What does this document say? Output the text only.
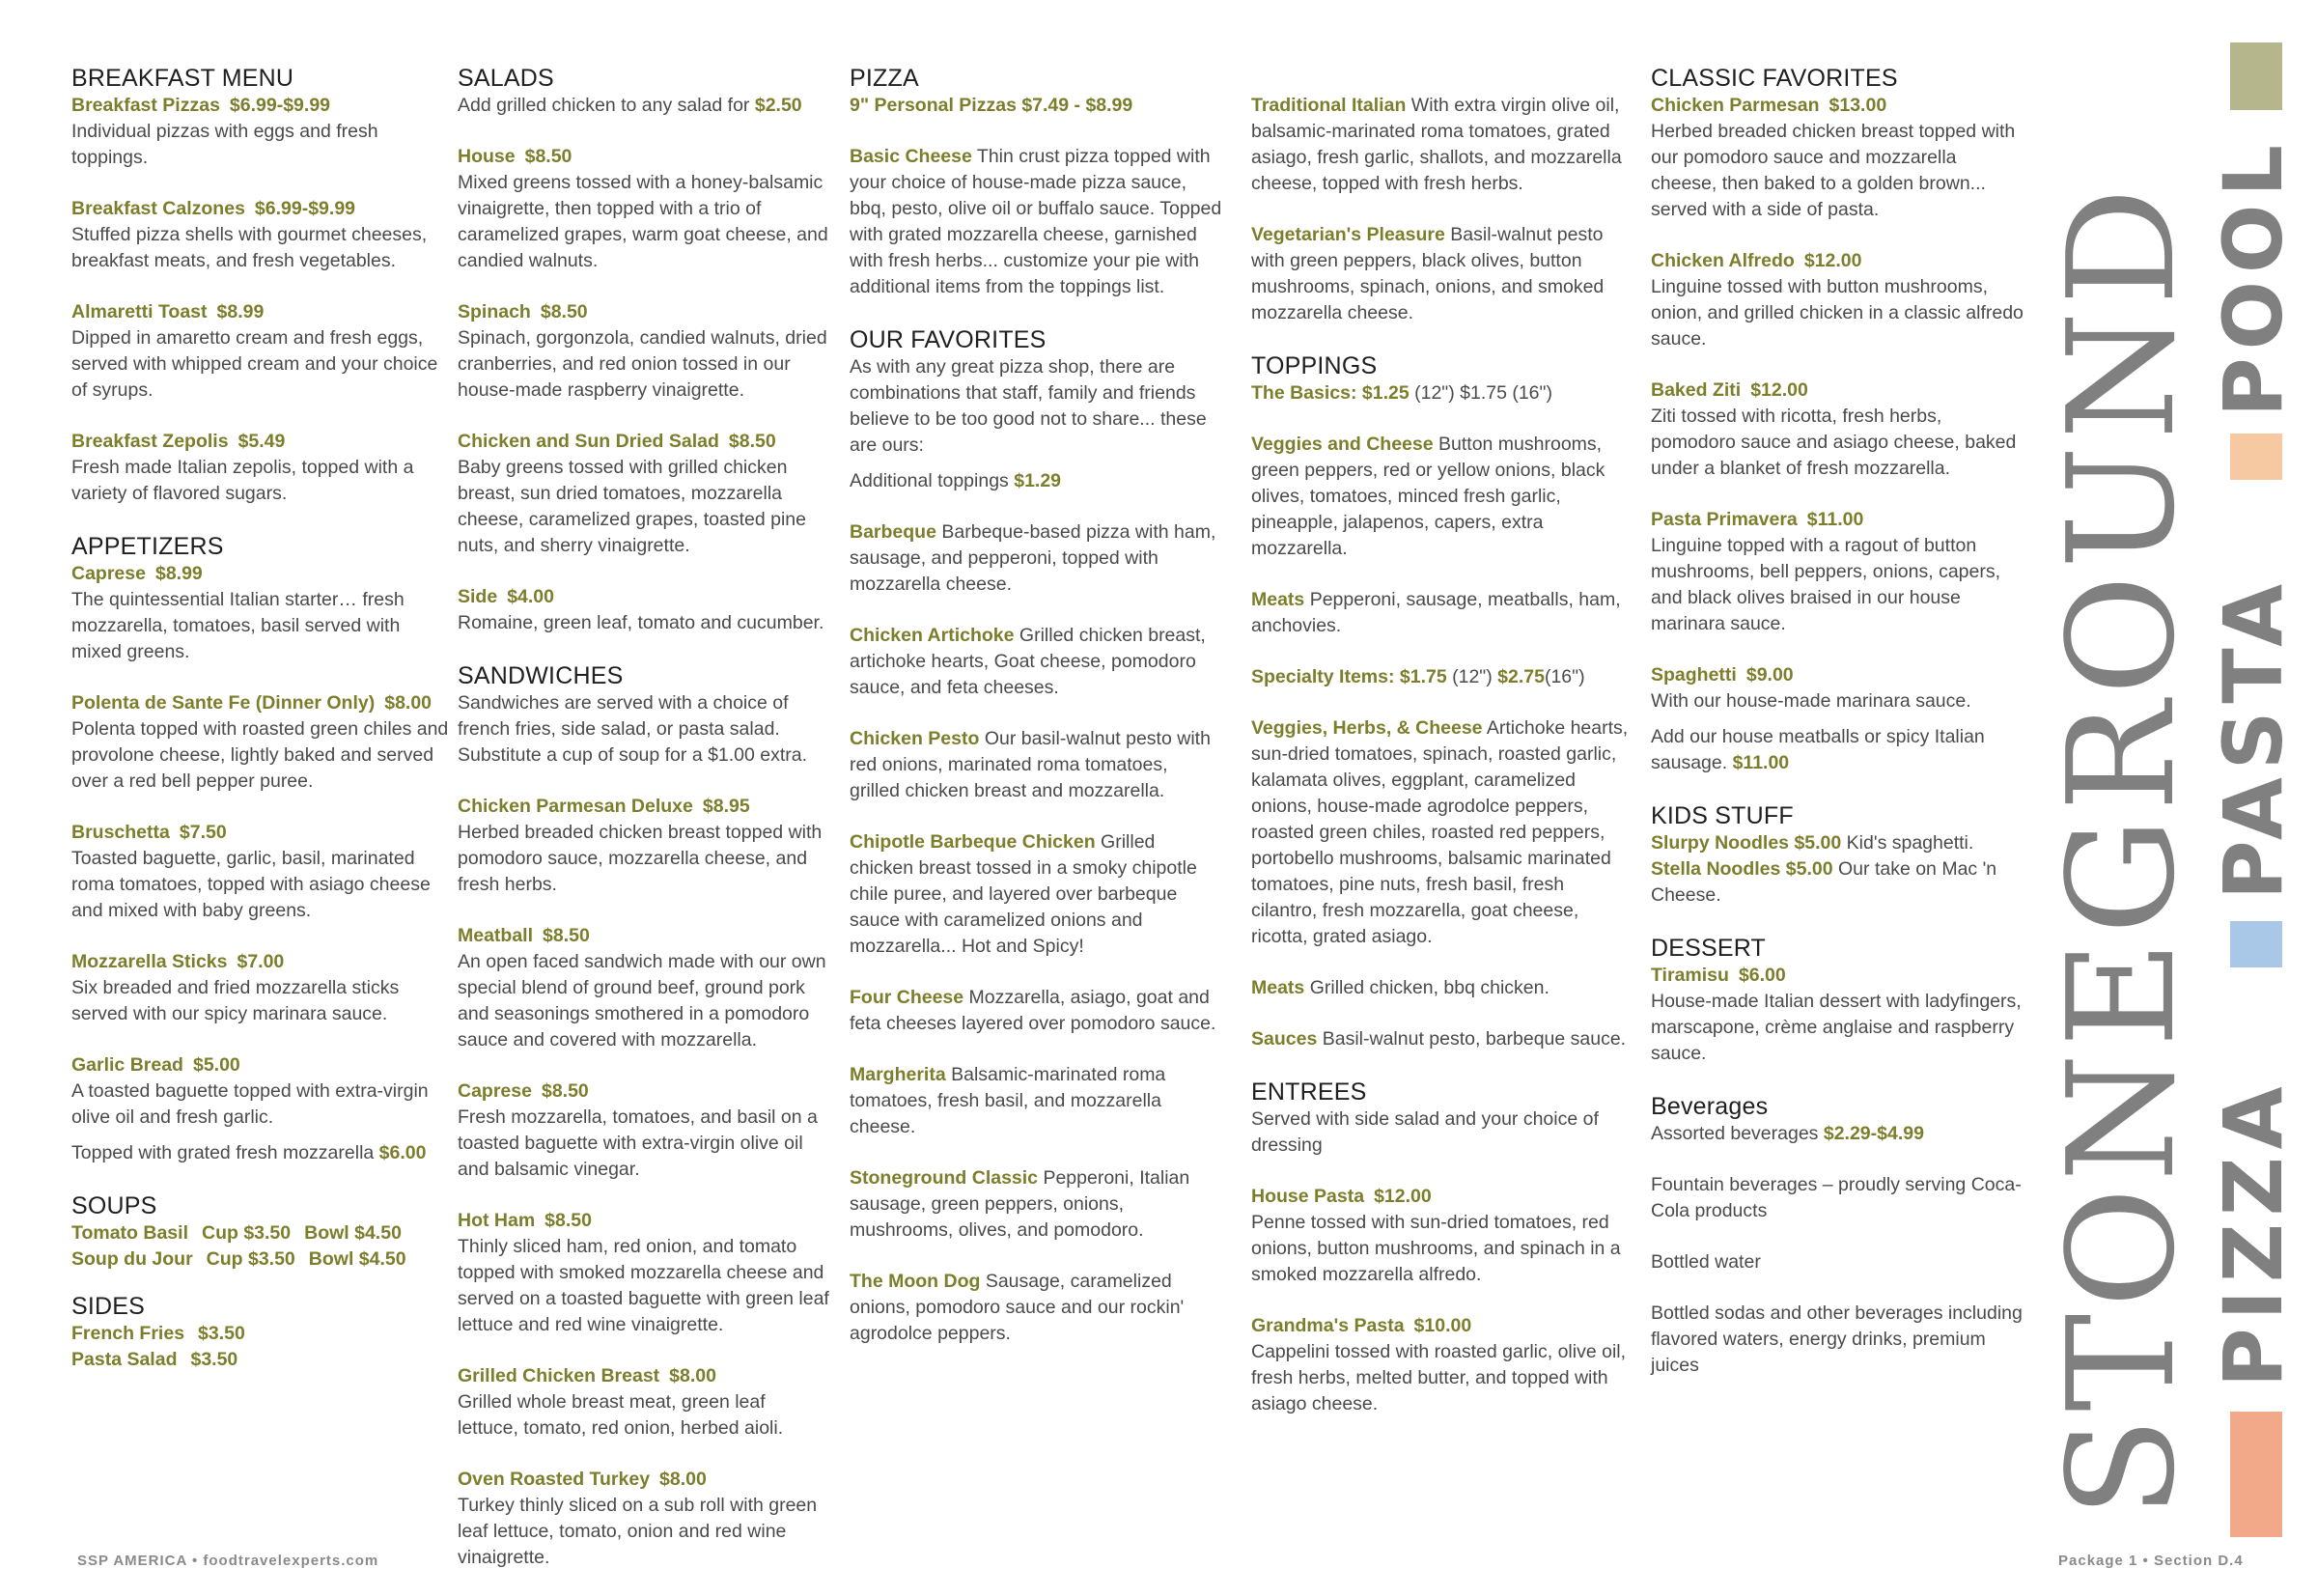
BREAKFAST MENU
Breakfast Pizzas $6.99-$9.99
Individual pizzas with eggs and fresh toppings.
Breakfast Calzones $6.99-$9.99
Stuffed pizza shells with gourmet cheeses, breakfast meats, and fresh vegetables.
Almaretti Toast $8.99
Dipped in amaretto cream and fresh eggs, served with whipped cream and your choice of syrups.
Breakfast Zepolis $5.49
Fresh made Italian zepolis, topped with a variety of flavored sugars.
APPETIZERS
Caprese $8.99
The quintessential Italian starter… fresh mozzarella, tomatoes, basil served with mixed greens.
Polenta de Sante Fe (Dinner Only) $8.00
Polenta topped with roasted green chiles and provolone cheese, lightly baked and served over a red bell pepper puree.
Bruschetta $7.50
Toasted baguette, garlic, basil, marinated roma tomatoes, topped with asiago cheese and mixed with baby greens.
Mozzarella Sticks $7.00
Six breaded and fried mozzarella sticks served with our spicy marinara sauce.
Garlic Bread $5.00
A toasted baguette topped with extra-virgin olive oil and fresh garlic.
Topped with grated fresh mozzarella $6.00
SOUPS
Tomato Basil Cup $3.50 Bowl $4.50
Soup du Jour Cup $3.50 Bowl $4.50
SIDES
French Fries $3.50
Pasta Salad $3.50
SALADS
Add grilled chicken to any salad for $2.50
House $8.50
Mixed greens tossed with a honey-balsamic vinaigrette, then topped with a trio of caramelized grapes, warm goat cheese, and candied walnuts.
Spinach $8.50
Spinach, gorgonzola, candied walnuts, dried cranberries, and red onion tossed in our house-made raspberry vinaigrette.
Chicken and Sun Dried Salad $8.50
Baby greens tossed with grilled chicken breast, sun dried tomatoes, mozzarella cheese, caramelized grapes, toasted pine nuts, and sherry vinaigrette.
Side $4.00
Romaine, green leaf, tomato and cucumber.
SANDWICHES
Sandwiches are served with a choice of french fries, side salad, or pasta salad. Substitute a cup of soup for a $1.00 extra.
Chicken Parmesan Deluxe $8.95
Herbed breaded chicken breast topped with pomodoro sauce, mozzarella cheese, and fresh herbs.
Meatball $8.50
An open faced sandwich made with our own special blend of ground beef, ground pork and seasonings smothered in a pomodoro sauce and covered with mozzarella.
Caprese $8.50
Fresh mozzarella, tomatoes, and basil on a toasted baguette with extra-virgin olive oil and balsamic vinegar.
Hot Ham $8.50
Thinly sliced ham, red onion, and tomato topped with smoked mozzarella cheese and served on a toasted baguette with green leaf lettuce and red wine vinaigrette.
Grilled Chicken Breast $8.00
Grilled whole breast meat, green leaf lettuce, tomato, red onion, herbed aioli.
Oven Roasted Turkey $8.00
Turkey thinly sliced on a sub roll with green leaf lettuce, tomato, onion and red wine vinaigrette.
PIZZA
9" Personal Pizzas $7.49 - $8.99
Basic Cheese Thin crust pizza topped with your choice of house-made pizza sauce, bbq, pesto, olive oil or buffalo sauce. Topped with grated mozzarella cheese, garnished with fresh herbs... customize your pie with additional items from the toppings list.
OUR FAVORITES
As with any great pizza shop, there are combinations that staff, family and friends believe to be too good not to share... these are ours:
Additional toppings $1.29
Barbeque Barbeque-based pizza with ham, sausage, and pepperoni, topped with mozzarella cheese.
Chicken Artichoke Grilled chicken breast, artichoke hearts, Goat cheese, pomodoro sauce, and feta cheeses.
Chicken Pesto Our basil-walnut pesto with red onions, marinated roma tomatoes, grilled chicken breast and mozzarella.
Chipotle Barbeque Chicken Grilled chicken breast tossed in a smoky chipotle chile puree, and layered over barbeque sauce with caramelized onions and mozzarella... Hot and Spicy!
Four Cheese Mozzarella, asiago, goat and feta cheeses layered over pomodoro sauce.
Margherita Balsamic-marinated roma tomatoes, fresh basil, and mozzarella cheese.
Stoneground Classic Pepperoni, Italian sausage, green peppers, onions, mushrooms, olives, and pomodoro.
The Moon Dog Sausage, caramelized onions, pomodoro sauce and our rockin' agrodolce peppers.
Traditional Italian With extra virgin olive oil, balsamic-marinated roma tomatoes, grated asiago, fresh garlic, shallots, and mozzarella cheese, topped with fresh herbs.
Vegetarian's Pleasure Basil-walnut pesto with green peppers, black olives, button mushrooms, spinach, onions, and smoked mozzarella cheese.
TOPPINGS
The Basics: $1.25 (12") $1.75 (16")
Veggies and Cheese Button mushrooms, green peppers, red or yellow onions, black olives, tomatoes, minced fresh garlic, pineapple, jalapenos, capers, extra mozzarella.
Meats Pepperoni, sausage, meatballs, ham, anchovies.
Specialty Items: $1.75 (12") $2.75(16")
Veggies, Herbs, & Cheese Artichoke hearts, sun-dried tomatoes, spinach, roasted garlic, kalamata olives, eggplant, caramelized onions, house-made agrodolce peppers, roasted green chiles, roasted red peppers, portobello mushrooms, balsamic marinated tomatoes, pine nuts, fresh basil, fresh cilantro, fresh mozzarella, goat cheese, ricotta, grated asiago.
Meats Grilled chicken, bbq chicken.
Sauces Basil-walnut pesto, barbeque sauce.
ENTREES
Served with side salad and your choice of dressing
House Pasta $12.00
Penne tossed with sun-dried tomatoes, red onions, button mushrooms, and spinach in a smoked mozzarella alfredo.
Grandma's Pasta $10.00
Cappelini tossed with roasted garlic, olive oil, fresh herbs, melted butter, and topped with asiago cheese.
CLASSIC FAVORITES
Chicken Parmesan $13.00
Herbed breaded chicken breast topped with our pomodoro sauce and mozzarella cheese, then baked to a golden brown... served with a side of pasta.
Chicken Alfredo $12.00
Linguine tossed with button mushrooms, onion, and grilled chicken in a classic alfredo sauce.
Baked Ziti $12.00
Ziti tossed with ricotta, fresh herbs, pomodoro sauce and asiago cheese, baked under a blanket of fresh mozzarella.
Pasta Primavera $11.00
Linguine topped with a ragout of button mushrooms, bell peppers, onions, capers, and black olives braised in our house marinara sauce.
Spaghetti $9.00
With our house-made marinara sauce.
Add our house meatballs or spicy Italian sausage. $11.00
KIDS STUFF
Slurpy Noodles $5.00 Kid's spaghetti.
Stella Noodles $5.00 Our take on Mac 'n Cheese.
DESSERT
Tiramisu $6.00
House-made Italian dessert with ladyfingers, marscapone, crème anglaise and raspberry sauce.
Beverages
Assorted beverages $2.29-$4.99
Fountain beverages – proudly serving Coca-Cola products
Bottled water
Bottled sodas and other beverages including flavored waters, energy drinks, premium juices	STONEGROUND PIZZA
PASTA
POOL
SSP AMERICA • foodtravelexperts.com	Package 1 • Section D.4
